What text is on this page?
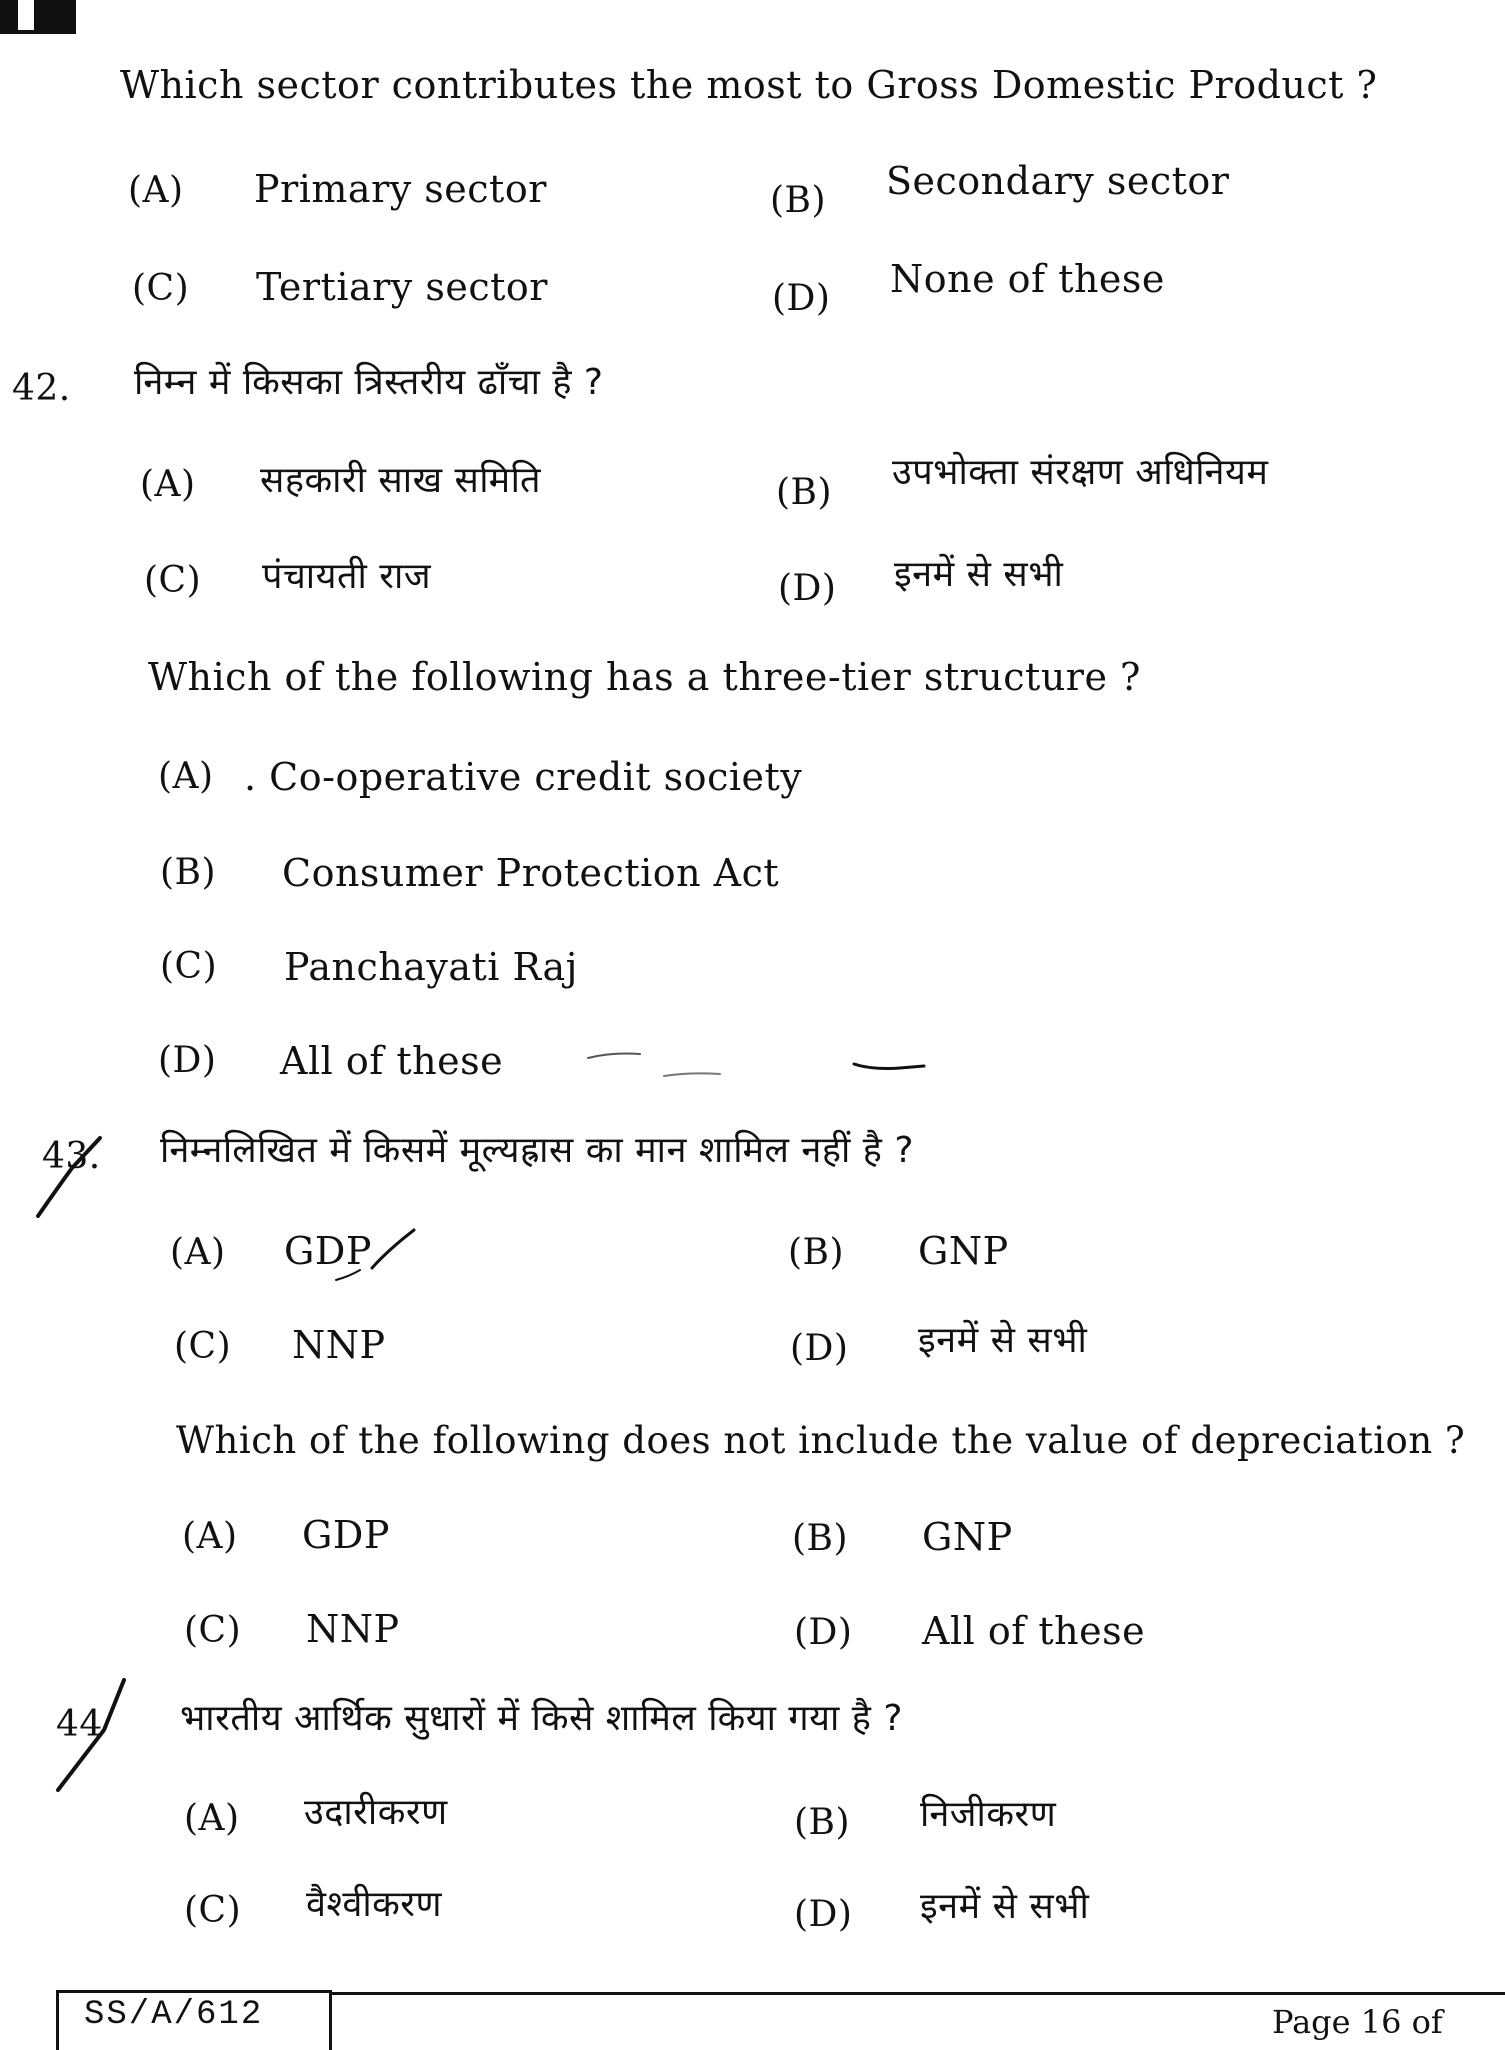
Which sector contributes the most to Gross Domestic Product ?
(A) Primary sector	(B) Secondary sector
(C) Tertiary sector	(D) None of these
42. निम्न में किसका त्रिस्तरीय ढाँचा है ?
(A) सहकारी साख समिति	(B) उपभोक्ता संरक्षण अधिनियम
(C) पंचायती राज	(D) इनमें से सभी
Which of the following has a three-tier structure ?
(A) . Co-operative credit society
(B) Consumer Protection Act
(C) Panchayati Raj
(D) All of these
43. निम्नलिखित में किसमें मूल्यह्रास का मान शामिल नहीं है ?
(A) GDP	(B) GNP
(C) NNP	(D) इनमें से सभी
Which of the following does not include the value of depreciation ?
(A) GDP	(B) GNP
(C) NNP	(D) All of these
44 भारतीय आर्थिक सुधारों में किसे शामिल किया गया है ?
(A) उदारीकरण	(B) निजीकरण
(C) वैश्वीकरण	(D) इनमें से सभी
SS/A/612	Page 16 of
